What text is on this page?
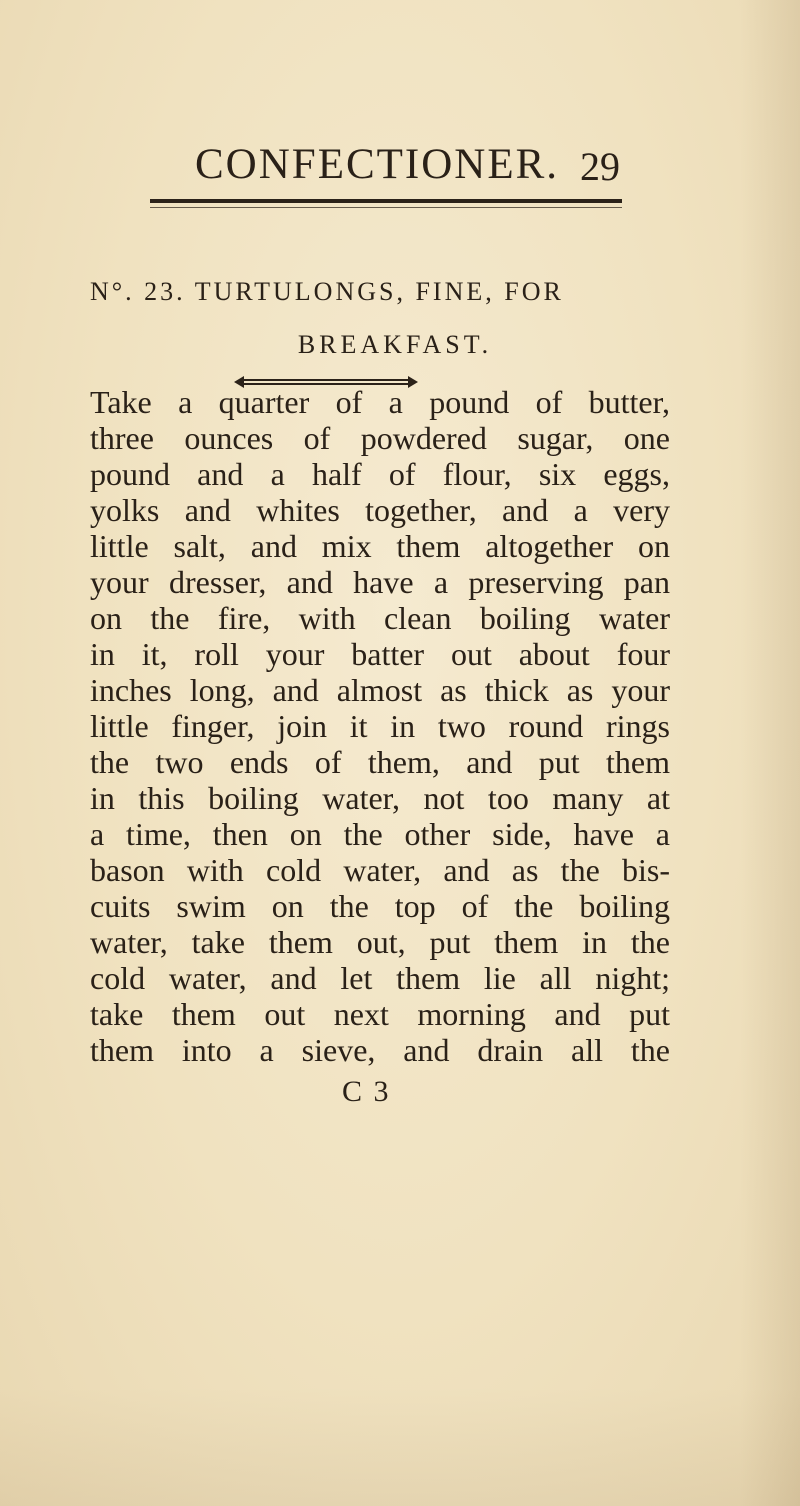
CONFECTIONER. 29
N°. 23. TURTULONGS, FINE, FOR
BREAKFAST.
Take a quarter of a pound of butter,
three ounces of powdered sugar, one
pound and a half of flour, six eggs,
yolks and whites together, and a very
little salt, and mix them altogether on
your dresser, and have a preserving pan
on the fire, with clean boiling water
in it, roll your batter out about four
inches long, and almost as thick as your
little finger, join it in two round rings
the two ends of them, and put them
in this boiling water, not too many at
a time, then on the other side, have a
bason with cold water, and as the bis-
cuits swim on the top of the boiling
water, take them out, put them in the
cold water, and let them lie all night;
take them out next morning and put
them into a sieve, and drain all the
C 3
